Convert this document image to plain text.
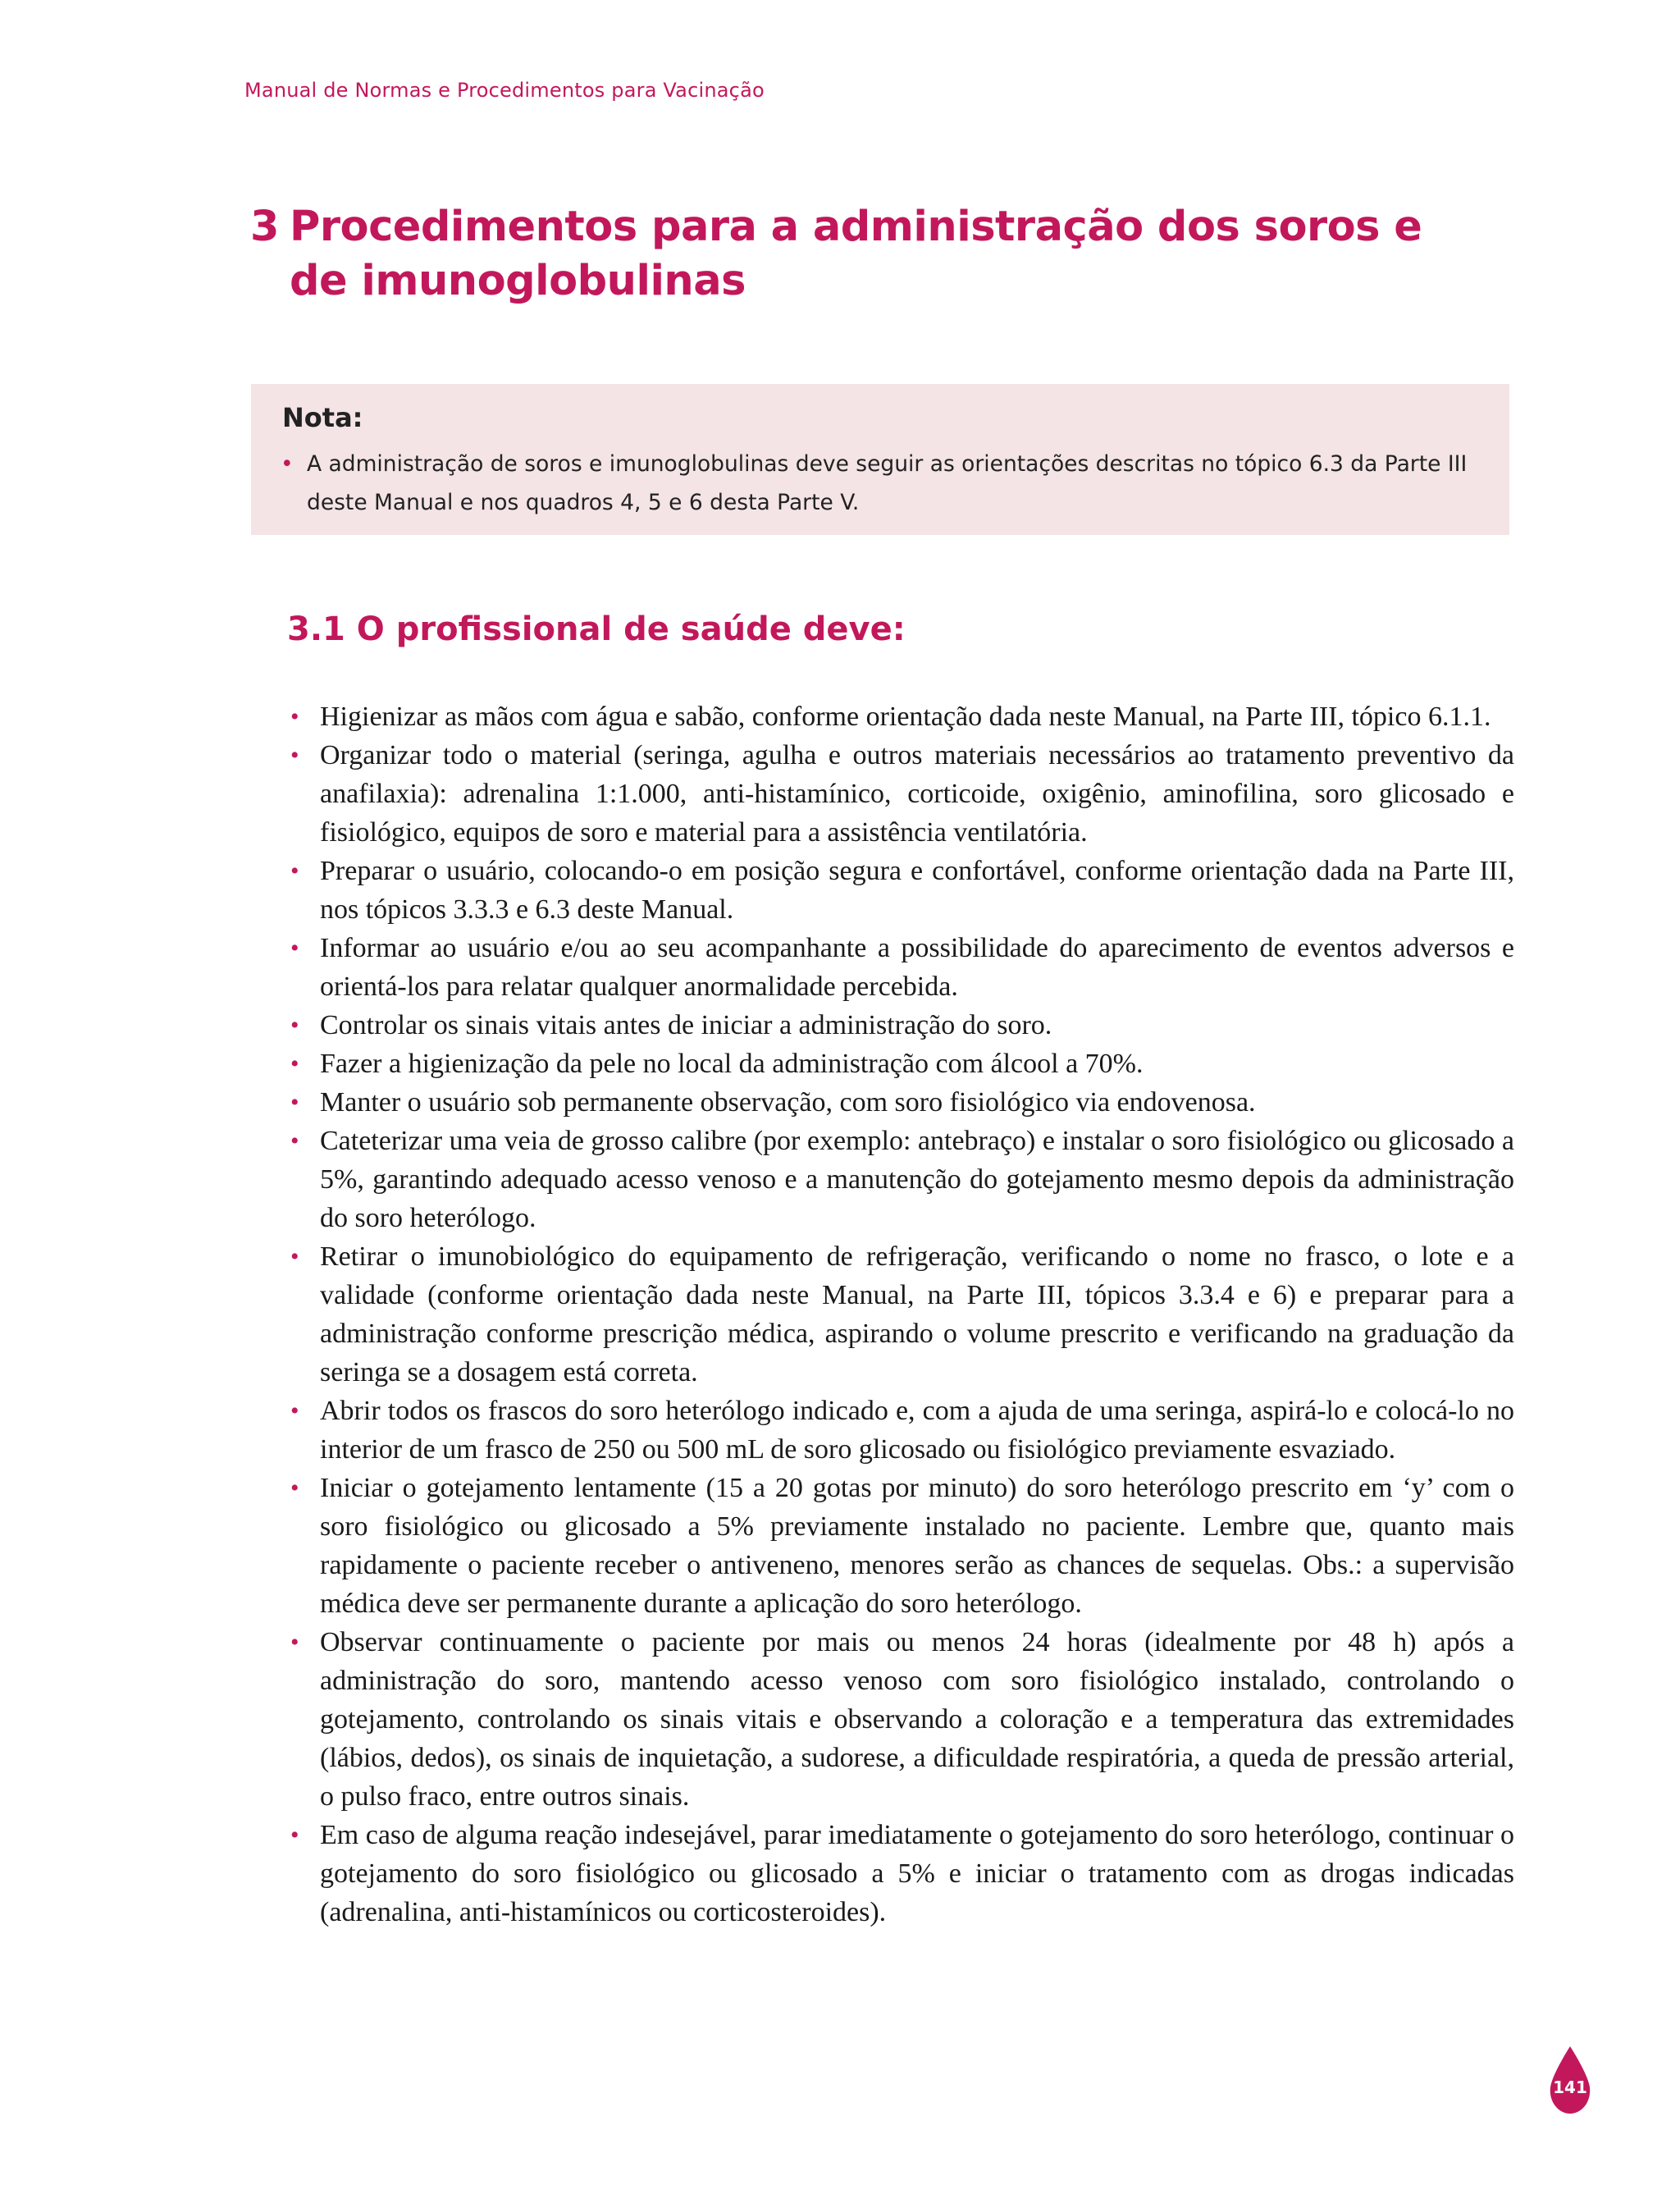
Manual de Normas e Procedimentos para Vacinação
3 Procedimentos para a administração dos soros e
de imunoglobulinas
Nota:
• A administração de soros e imunoglobulinas deve seguir as orientações descritas no tópico 6.3 da Parte III deste Manual e nos quadros 4, 5 e 6 desta Parte V.
3.1 O profissional de saúde deve:
• Higienizar as mãos com água e sabão, conforme orientação dada neste Manual, na Parte III, tópico 6.1.1.
• Organizar todo o material (seringa, agulha e outros materiais necessários ao tratamento preventivo da anafilaxia): adrenalina 1:1.000, anti-histamínico, corticoide, oxigênio, aminofilina, soro glicosado e fisiológico, equipos de soro e material para a assistência ventilatória.
• Preparar o usuário, colocando-o em posição segura e confortável, conforme orientação dada na Parte III, nos tópicos 3.3.3 e 6.3 deste Manual.
• Informar ao usuário e/ou ao seu acompanhante a possibilidade do aparecimento de eventos adversos e orientá-los para relatar qualquer anormalidade percebida.
• Controlar os sinais vitais antes de iniciar a administração do soro.
• Fazer a higienização da pele no local da administração com álcool a 70%.
• Manter o usuário sob permanente observação, com soro fisiológico via endovenosa.
• Cateterizar uma veia de grosso calibre (por exemplo: antebraço) e instalar o soro fisiológico ou glicosado a 5%, garantindo adequado acesso venoso e a manutenção do gotejamento mesmo depois da administração do soro heterólogo.
• Retirar o imunobiológico do equipamento de refrigeração, verificando o nome no frasco, o lote e a validade (conforme orientação dada neste Manual, na Parte III, tópicos 3.3.4 e 6) e preparar para a administração conforme prescrição médica, aspirando o volume prescrito e verificando na graduação da seringa se a dosagem está correta.
• Abrir todos os frascos do soro heterólogo indicado e, com a ajuda de uma seringa, aspirá-lo e colocá-lo no interior de um frasco de 250 ou 500 mL de soro glicosado ou fisiológico previamente esvaziado.
• Iniciar o gotejamento lentamente (15 a 20 gotas por minuto) do soro heterólogo prescrito em ‘y’ com o soro fisiológico ou glicosado a 5% previamente instalado no paciente. Lembre que, quanto mais rapidamente o paciente receber o antiveneno, menores serão as chances de sequelas. Obs.: a supervisão médica deve ser permanente durante a aplicação do soro heterólogo.
• Observar continuamente o paciente por mais ou menos 24 horas (idealmente por 48 h) após a administração do soro, mantendo acesso venoso com soro fisiológico instalado, controlando o gotejamento, controlando os sinais vitais e observando a coloração e a temperatura das extremidades (lábios, dedos), os sinais de inquietação, a sudorese, a dificuldade respiratória, a queda de pressão arterial, o pulso fraco, entre outros sinais.
• Em caso de alguma reação indesejável, parar imediatamente o gotejamento do soro heterólogo, continuar o gotejamento do soro fisiológico ou glicosado a 5% e iniciar o tratamento com as drogas indicadas (adrenalina, anti-histamínicos ou corticosteroides).
141
